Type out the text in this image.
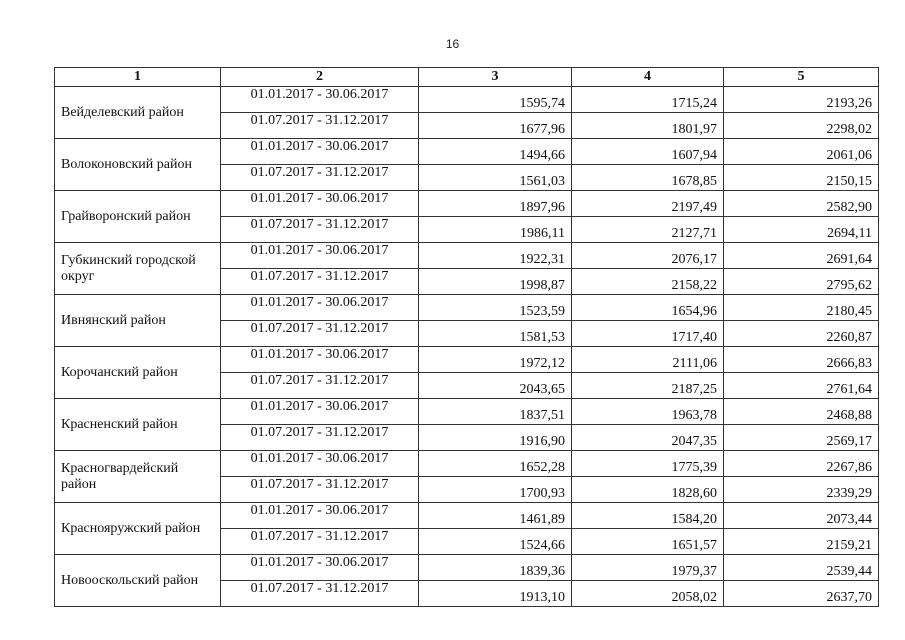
16
1	2	3	4	5
Вейделевский район	01.01.2017 - 30.06.2017	1595,74	1715,24	2193,26
	01.07.2017 - 31.12.2017	1677,96	1801,97	2298,02
Волоконовский район	01.01.2017 - 30.06.2017	1494,66	1607,94	2061,06
	01.07.2017 - 31.12.2017	1561,03	1678,85	2150,15
Грайворонский район	01.01.2017 - 30.06.2017	1897,96	2197,49	2582,90
	01.07.2017 - 31.12.2017	1986,11	2127,71	2694,11
Губкинский городской округ	01.01.2017 - 30.06.2017	1922,31	2076,17	2691,64
	01.07.2017 - 31.12.2017	1998,87	2158,22	2795,62
Ивнянский район	01.01.2017 - 30.06.2017	1523,59	1654,96	2180,45
	01.07.2017 - 31.12.2017	1581,53	1717,40	2260,87
Корочанский район	01.01.2017 - 30.06.2017	1972,12	2111,06	2666,83
	01.07.2017 - 31.12.2017	2043,65	2187,25	2761,64
Красненский район	01.01.2017 - 30.06.2017	1837,51	1963,78	2468,88
	01.07.2017 - 31.12.2017	1916,90	2047,35	2569,17
Красногвардейский район	01.01.2017 - 30.06.2017	1652,28	1775,39	2267,86
	01.07.2017 - 31.12.2017	1700,93	1828,60	2339,29
Краснояружский район	01.01.2017 - 30.06.2017	1461,89	1584,20	2073,44
	01.07.2017 - 31.12.2017	1524,66	1651,57	2159,21
Новооскольский район	01.01.2017 - 30.06.2017	1839,36	1979,37	2539,44
	01.07.2017 - 31.12.2017	1913,10	2058,02	2637,70
